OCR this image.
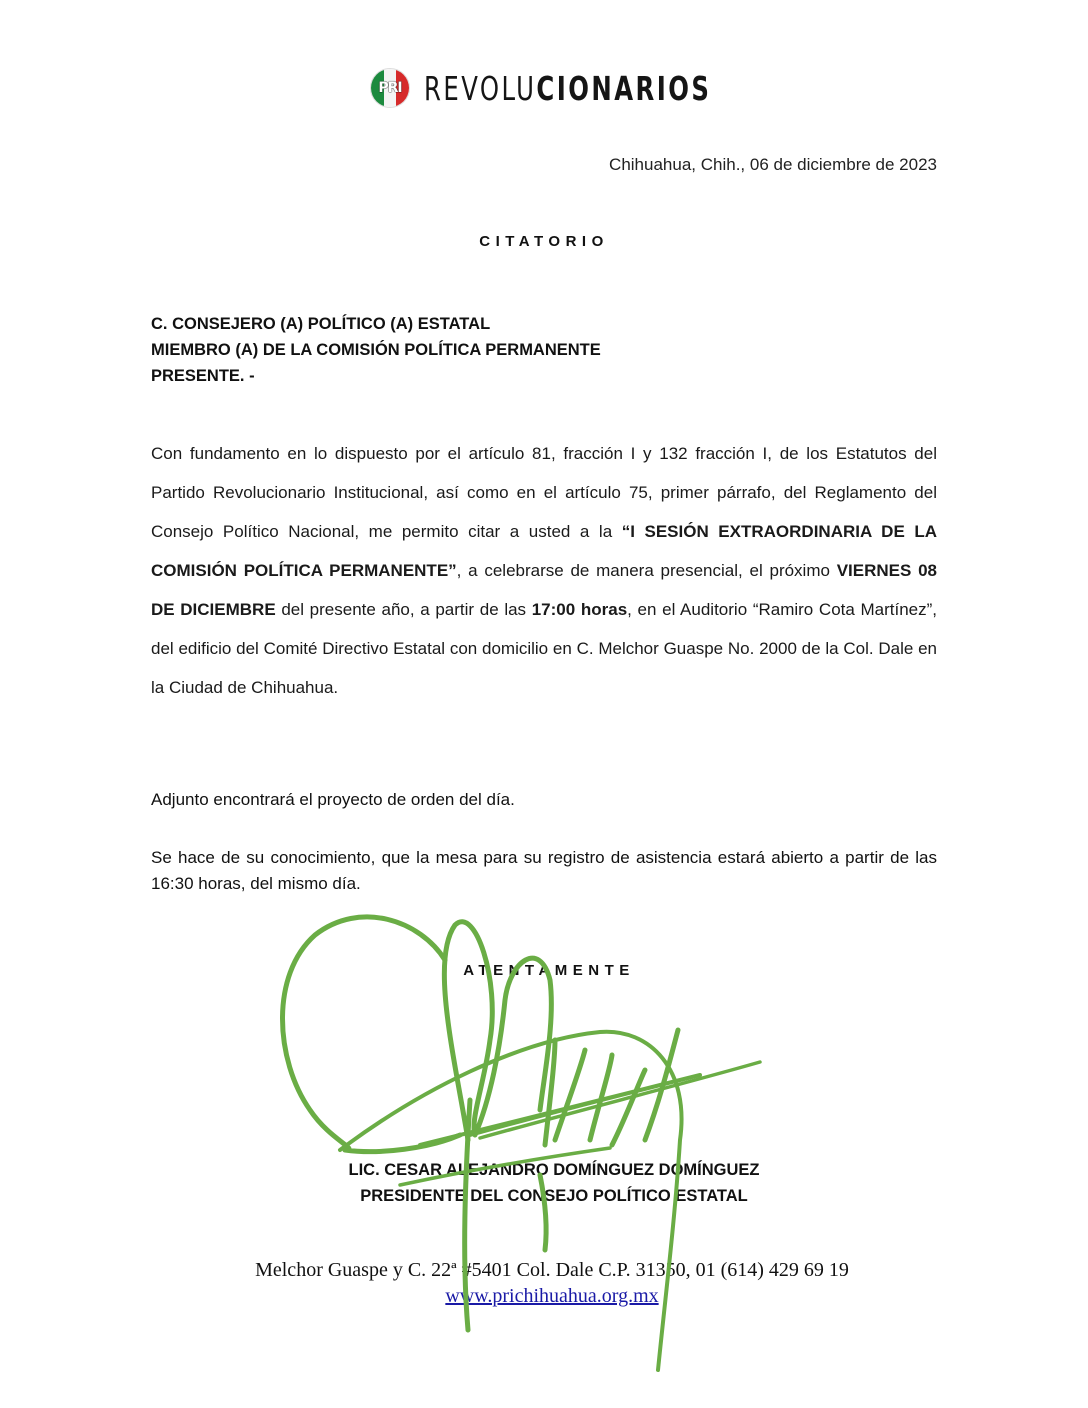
PRI REVOLUCIONARIOS
Chihuahua, Chih., 06 de diciembre de 2023
CITATORIO
C. CONSEJERO (A) POLÍTICO (A) ESTATAL
MIEMBRO (A) DE LA COMISIÓN POLÍTICA PERMANENTE
PRESENTE. -
Con fundamento en lo dispuesto por el artículo 81, fracción I y 132 fracción I, de los Estatutos del Partido Revolucionario Institucional, así como en el artículo 75, primer párrafo, del Reglamento del Consejo Político Nacional, me permito citar a usted a la “I SESIÓN EXTRAORDINARIA DE LA COMISIÓN POLÍTICA PERMANENTE”, a celebrarse de manera presencial, el próximo VIERNES 08 DE DICIEMBRE del presente año, a partir de las 17:00 horas, en el Auditorio “Ramiro Cota Martínez”, del edificio del Comité Directivo Estatal con domicilio en C. Melchor Guaspe No. 2000 de la Col. Dale en la Ciudad de Chihuahua.
Adjunto encontrará el proyecto de orden del día.
Se hace de su conocimiento, que la mesa para su registro de asistencia estará abierto a partir de las 16:30 horas, del mismo día.
ATENTAMENTE
LIC. CESAR ALEJANDRO DOMÍNGUEZ DOMÍNGUEZ
PRESIDENTE DEL CONSEJO POLÍTICO ESTATAL
Melchor Guaspe y C. 22ª #5401 Col. Dale C.P. 31350, 01 (614) 429 69 19
www.prichihuahua.org.mx
